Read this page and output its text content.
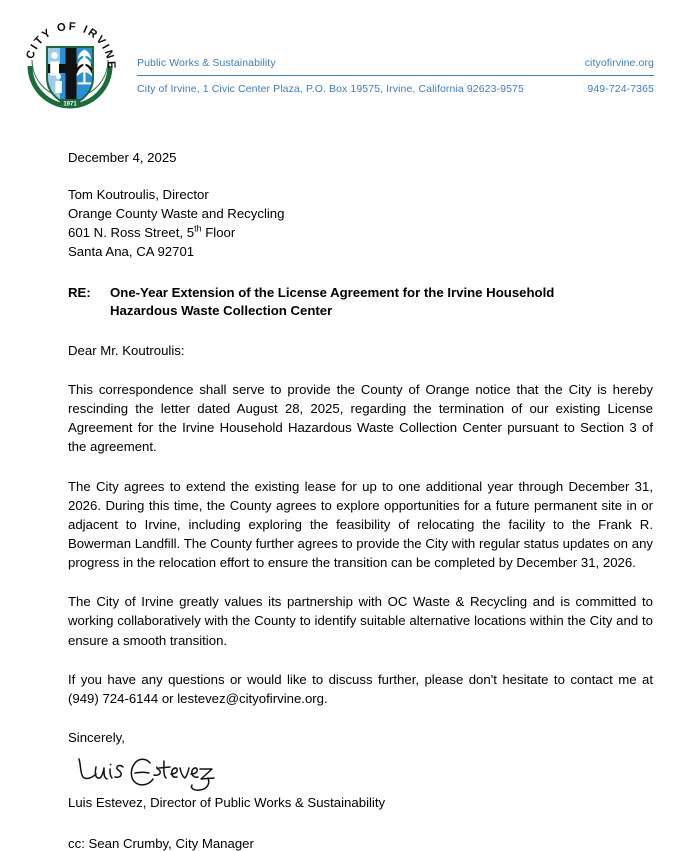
CITY OF IRVINE
1971
Public Works & Sustainability	cityofirvine.org
City of Irvine, 1 Civic Center Plaza, P.O. Box 19575, Irvine, California 92623-9575	949-724-7365
December 4, 2025
Tom Koutroulis, Director
Orange County Waste and Recycling
601 N. Ross Street, 5th Floor
Santa Ana, CA 92701
RE:	One-Year Extension of the License Agreement for the Irvine Household Hazardous Waste Collection Center
Dear Mr. Koutroulis:

This correspondence shall serve to provide the County of Orange notice that the City is hereby rescinding the letter dated August 28, 2025, regarding the termination of our existing License Agreement for the Irvine Household Hazardous Waste Collection Center pursuant to Section 3 of the agreement.

The City agrees to extend the existing lease for up to one additional year through December 31, 2026. During this time, the County agrees to explore opportunities for a future permanent site in or adjacent to Irvine, including exploring the feasibility of relocating the facility to the Frank R. Bowerman Landfill. The County further agrees to provide the City with regular status updates on any progress in the relocation effort to ensure the transition can be completed by December 31, 2026.

The City of Irvine greatly values its partnership with OC Waste & Recycling and is committed to working collaboratively with the County to identify suitable alternative locations within the City and to ensure a smooth transition.

If you have any questions or would like to discuss further, please don't hesitate to contact me at (949) 724-6144 or lestevez@cityofirvine.org.

Sincerely,
Luis Estevez, Director of Public Works & Sustainability
cc: Sean Crumby, City Manager
